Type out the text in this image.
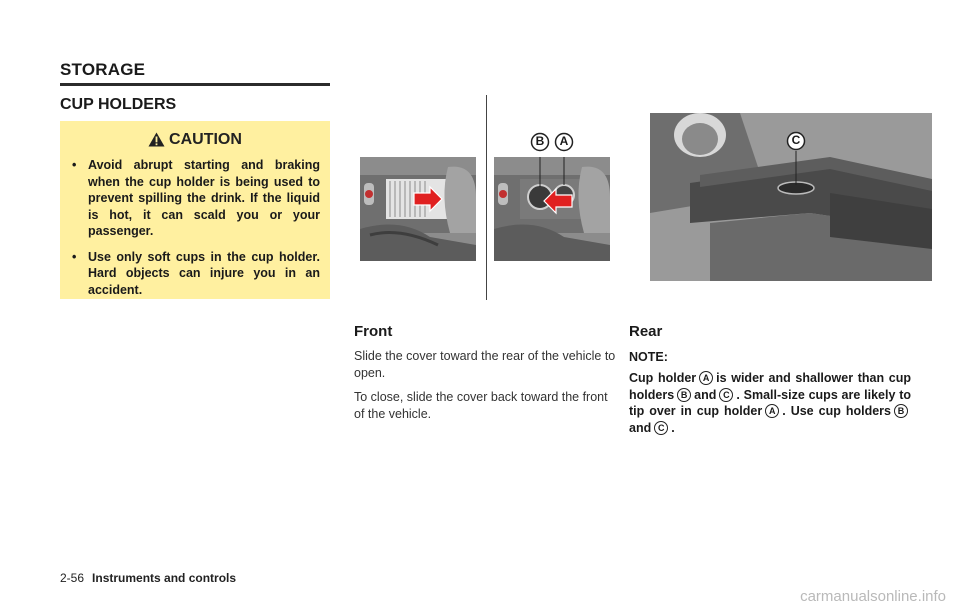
STORAGE
CUP HOLDERS
CAUTION
• Avoid abrupt starting and braking when the cup holder is being used to prevent spilling the drink. If the liquid is hot, it can scald you or your passenger.
• Use only soft cups in the cup holder. Hard objects can injure you in an accident.
B	A	C
Front

Slide the cover toward the rear of the vehicle to open.

To close, slide the cover back toward the front of the vehicle.

Rear
NOTE:
Cup holder A is wider and shallower than cup holders B and C . Small-size cups are likely to tip over in cup holder A . Use cup holders Band C .
2-56 Instruments and controls
carmanualsonline.info
